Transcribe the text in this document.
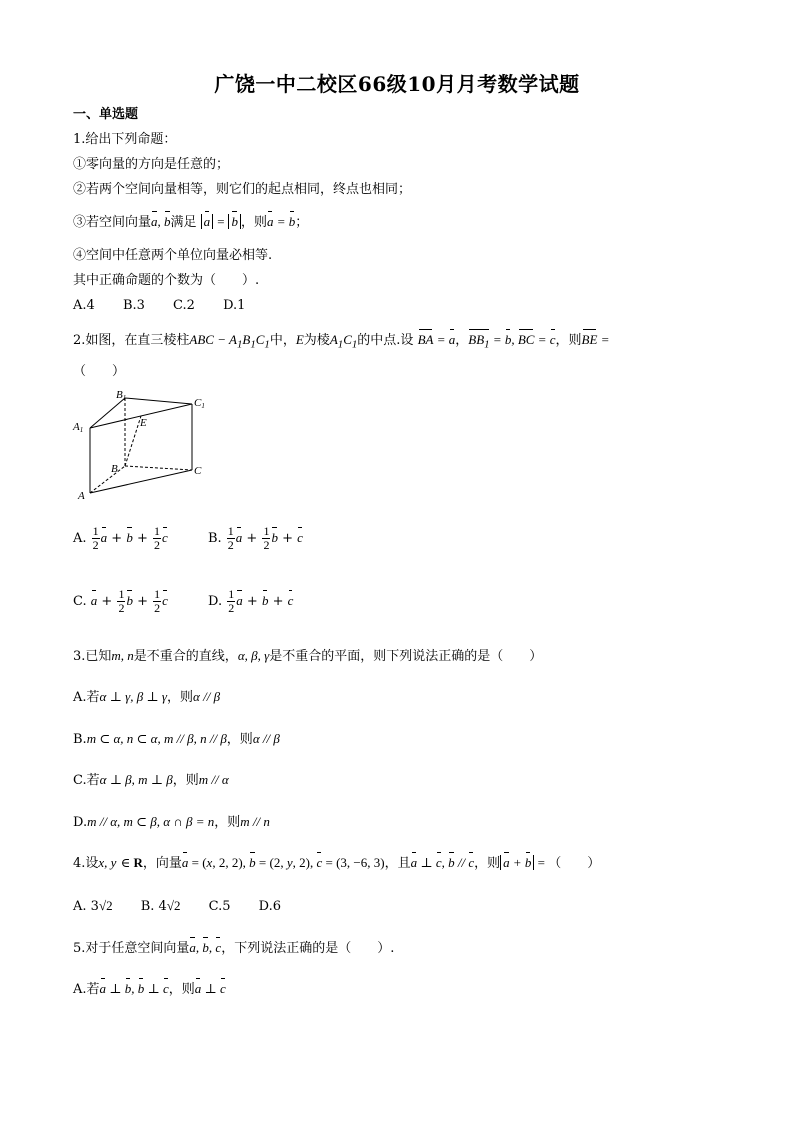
广饶一中二校区66级10月月考数学试题
一、单选题
1.给出下列命题：
①零向量的方向是任意的；
②若两个空间向量相等，则它们的起点相同，终点也相同；
③若空间向量a, b满足 a = b ，则a = b；
④空间中任意两个单位向量必相等.
其中正确命题的个数为（　　）.
A.4 B.3 C.2 D.1
2.如图，在直三棱柱ABC − $A_1B_1C_1$中，E为棱$A_1C_1$的中点.设 BA = a，$BB_1 = b$, BC = c，则BE =
（　　）
B1	C1
A1
E
B	C
A
A. $\frac{1}{2}$ $a + b + \frac{1}{2}$ c	B. $\frac{1}{2}$ $a + \frac{1}{2}$ b + c
C. $a + \frac{1}{2}$ $b + \frac{1}{2}$ c	D. $\frac{1}{2}$ a + b + c
3.已知m, n是不重合的直线，α, β, γ是不重合的平面，则下列说法正确的是（　　）
A.若α ⊥ γ, β ⊥ γ，则α // β
B.m ⊂ α, n ⊂ α, m // β, n // β，则α // β
C.若α ⊥ β, m ⊥ β，则m // α
D.m // α, m ⊂ β, α ∩ β = n，则m // n
4.设x, y ∈ R，向量a = (x, 2, 2), b = (2, y, 2), c = (3, −6, 3)，且a ⊥ c, b // c，则 a + b = （　　）
A. 3√2 B. 4√2 C.5 D.6
5.对于任意空间向量a, b, c，下列说法正确的是（　　）.
A.若a ⊥ b, b ⊥ c，则a ⊥ c
